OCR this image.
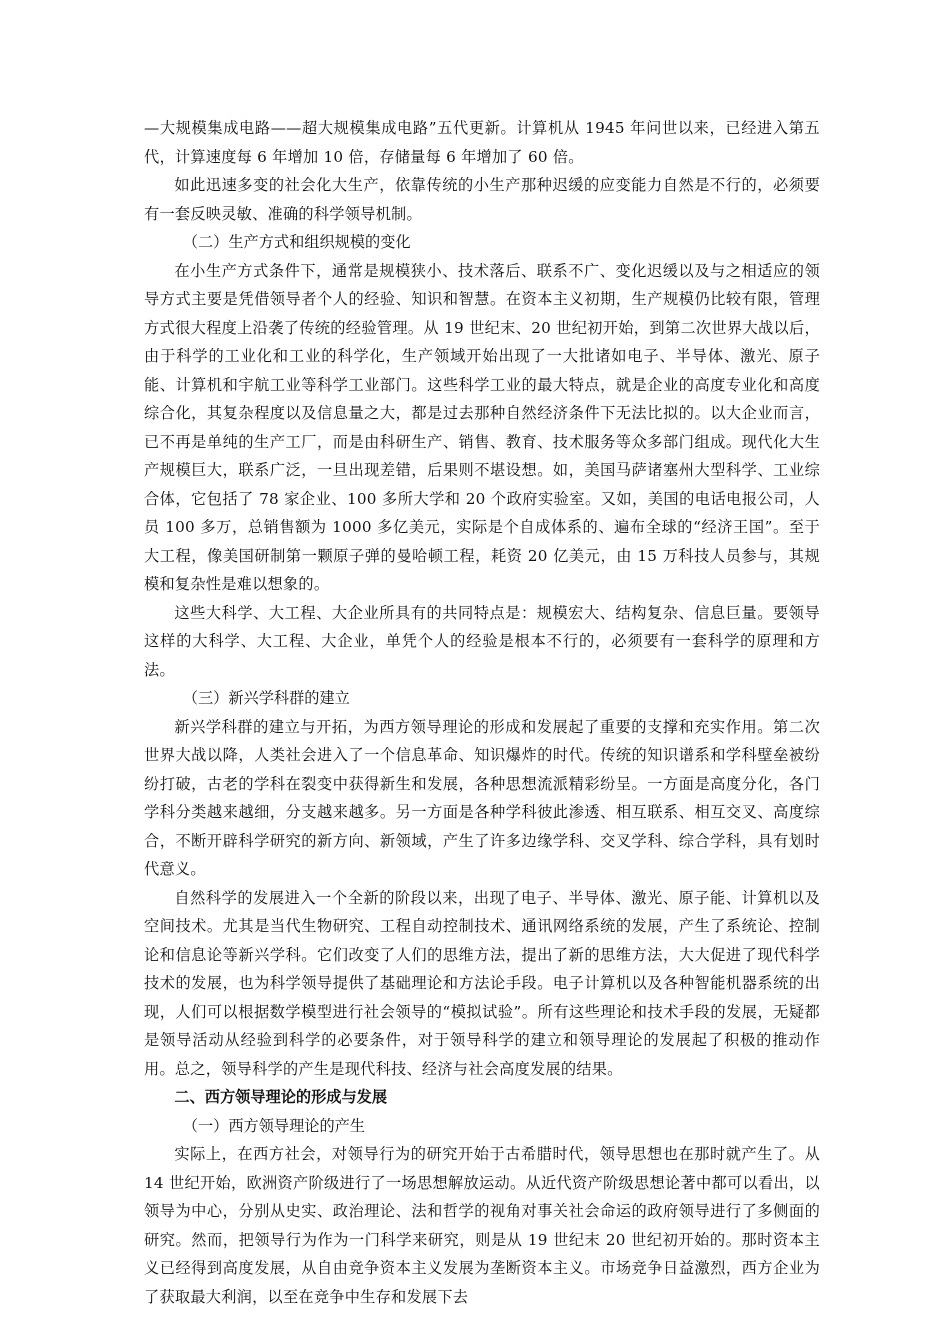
—大规模集成电路——超大规模集成电路”五代更新。计算机从 1945 年问世以来，已经进入第五代，计算速度每 6 年增加 10 倍，存储量每 6 年增加了 60 倍。

如此迅速多变的社会化大生产，依靠传统的小生产那种迟缓的应变能力自然是不行的，必须要有一套反映灵敏、准确的科学领导机制。

（二）生产方式和组织规模的变化

在小生产方式条件下，通常是规模狭小、技术落后、联系不广、变化迟缓以及与之相适应的领导方式主要是凭借领导者个人的经验、知识和智慧。在资本主义初期，生产规模仍比较有限，管理方式很大程度上沿袭了传统的经验管理。从 19 世纪末、20 世纪初开始，到第二次世界大战以后，由于科学的工业化和工业的科学化，生产领域开始出现了一大批诸如电子、半导体、激光、原子能、计算机和宇航工业等科学工业部门。这些科学工业的最大特点，就是企业的高度专业化和高度综合化，其复杂程度以及信息量之大，都是过去那种自然经济条件下无法比拟的。以大企业而言，已不再是单纯的生产工厂，而是由科研生产、销售、教育、技术服务等众多部门组成。现代化大生产规模巨大，联系广泛，一旦出现差错，后果则不堪设想。如，美国马萨诸塞州大型科学、工业综合体，它包括了 78 家企业、100 多所大学和 20 个政府实验室。又如，美国的电话电报公司，人员 100 多万，总销售额为 1000 多亿美元，实际是个自成体系的、遍布全球的“经济王国”。至于大工程，像美国研制第一颗原子弹的曼哈顿工程，耗资 20 亿美元，由 15 万科技人员参与，其规模和复杂性是难以想象的。

这些大科学、大工程、大企业所具有的共同特点是：规模宏大、结构复杂、信息巨量。要领导这样的大科学、大工程、大企业，单凭个人的经验是根本不行的，必须要有一套科学的原理和方法。

（三）新兴学科群的建立

新兴学科群的建立与开拓，为西方领导理论的形成和发展起了重要的支撑和充实作用。第二次世界大战以降，人类社会进入了一个信息革命、知识爆炸的时代。传统的知识谱系和学科壁垒被纷纷打破，古老的学科在裂变中获得新生和发展，各种思想流派精彩纷呈。一方面是高度分化，各门学科分类越来越细，分支越来越多。另一方面是各种学科彼此渗透、相互联系、相互交叉、高度综合，不断开辟科学研究的新方向、新领域，产生了许多边缘学科、交叉学科、综合学科，具有划时代意义。

自然科学的发展进入一个全新的阶段以来，出现了电子、半导体、激光、原子能、计算机以及空间技术。尤其是当代生物研究、工程自动控制技术、通讯网络系统的发展，产生了系统论、控制论和信息论等新兴学科。它们改变了人们的思维方法，提出了新的思维方法，大大促进了现代科学技术的发展，也为科学领导提供了基础理论和方法论手段。电子计算机以及各种智能机器系统的出现，人们可以根据数学模型进行社会领导的“模拟试验”。所有这些理论和技术手段的发展，无疑都是领导活动从经验到科学的必要条件，对于领导科学的建立和领导理论的发展起了积极的推动作用。总之，领导科学的产生是现代科技、经济与社会高度发展的结果。

二、西方领导理论的形成与发展

（一）西方领导理论的产生

实际上，在西方社会，对领导行为的研究开始于古希腊时代，领导思想也在那时就产生了。从 14 世纪开始，欧洲资产阶级进行了一场思想解放运动。从近代资产阶级思想论著中都可以看出，以领导为中心，分别从史实、政治理论、法和哲学的视角对事关社会命运的政府领导进行了多侧面的研究。然而，把领导行为作为一门科学来研究，则是从 19 世纪末 20 世纪初开始的。那时资本主义已经得到高度发展，从自由竞争资本主义发展为垄断资本主义。市场竞争日益激烈，西方企业为了获取最大利润，以至在竞争中生存和发展下去
